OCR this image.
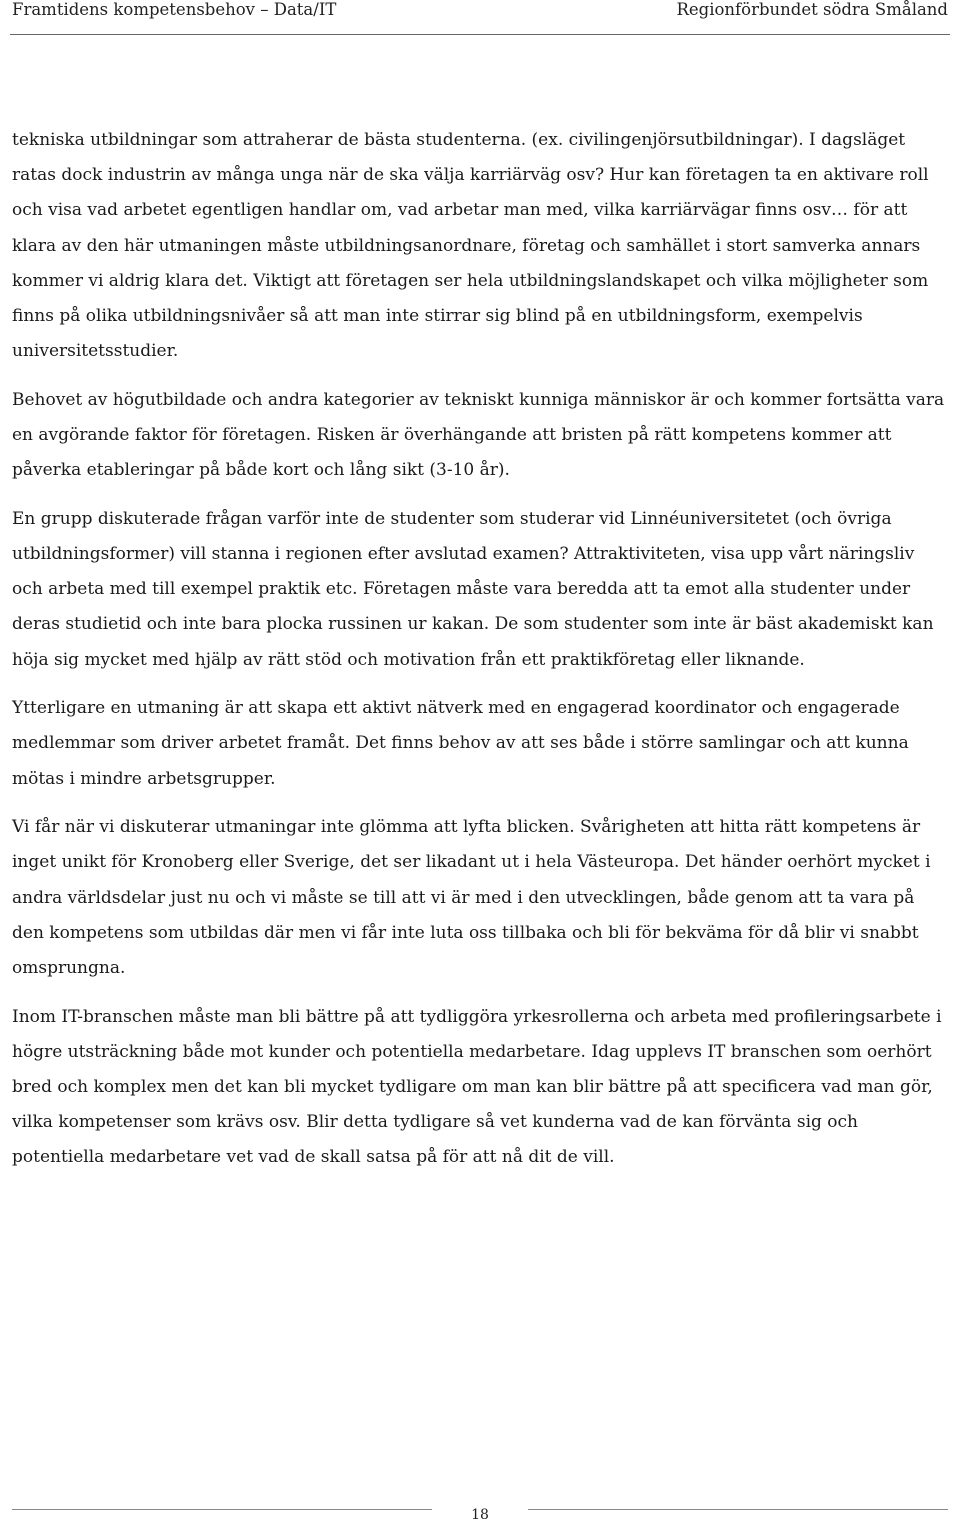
Framtidens kompetensbehov – Data/IT	Regionförbundet södra Småland

tekniska utbildningar som attraherar de bästa studenterna. (ex. civilingenjörsutbildningar). I dagsläget ratas dock industrin av många unga när de ska välja karriärväg osv? Hur kan företagen ta en aktivare roll och visa vad arbetet egentligen handlar om, vad arbetar man med, vilka karriärvägar finns osv… för att klara av den här utmaningen måste utbildningsanordnare, företag och samhället i stort samverka annars kommer vi aldrig klara det. Viktigt att företagen ser hela utbildningslandskapet och vilka möjligheter som finns på olika utbildningsnivåer så att man inte stirrar sig blind på en utbildningsform, exempelvis universitetsstudier.

Behovet av högutbildade och andra kategorier av tekniskt kunniga människor är och kommer fortsätta vara en avgörande faktor för företagen. Risken är överhängande att bristen på rätt kompetens kommer att påverka etableringar på både kort och lång sikt (3-10 år).

En grupp diskuterade frågan varför inte de studenter som studerar vid Linnéuniversitetet (och övriga utbildningsformer) vill stanna i regionen efter avslutad examen? Attraktiviteten, visa upp vårt näringsliv och arbeta med till exempel praktik etc. Företagen måste vara beredda att ta emot alla studenter under deras studietid och inte bara plocka russinen ur kakan. De som studenter som inte är bäst akademiskt kan höja sig mycket med hjälp av rätt stöd och motivation från ett praktikföretag eller liknande.

Ytterligare en utmaning är att skapa ett aktivt nätverk med en engagerad koordinator och engagerade medlemmar som driver arbetet framåt. Det finns behov av att ses både i större samlingar och att kunna mötas i mindre arbetsgrupper.

Vi får när vi diskuterar utmaningar inte glömma att lyfta blicken. Svårigheten att hitta rätt kompetens är inget unikt för Kronoberg eller Sverige, det ser likadant ut i hela Västeuropa. Det händer oerhört mycket i andra världsdelar just nu och vi måste se till att vi är med i den utvecklingen, både genom att ta vara på den kompetens som utbildas där men vi får inte luta oss tillbaka och bli för bekväma för då blir vi snabbt omsprungna.

Inom IT-branschen måste man bli bättre på att tydliggöra yrkesrollerna och arbeta med profileringsarbete i högre utsträckning både mot kunder och potentiella medarbetare. Idag upplevs IT branschen som oerhört bred och komplex men det kan bli mycket tydligare om man kan blir bättre på att specificera vad man gör, vilka kompetenser som krävs osv. Blir detta tydligare så vet kunderna vad de kan förvänta sig och potentiella medarbetare vet vad de skall satsa på för att nå dit de vill.

18
